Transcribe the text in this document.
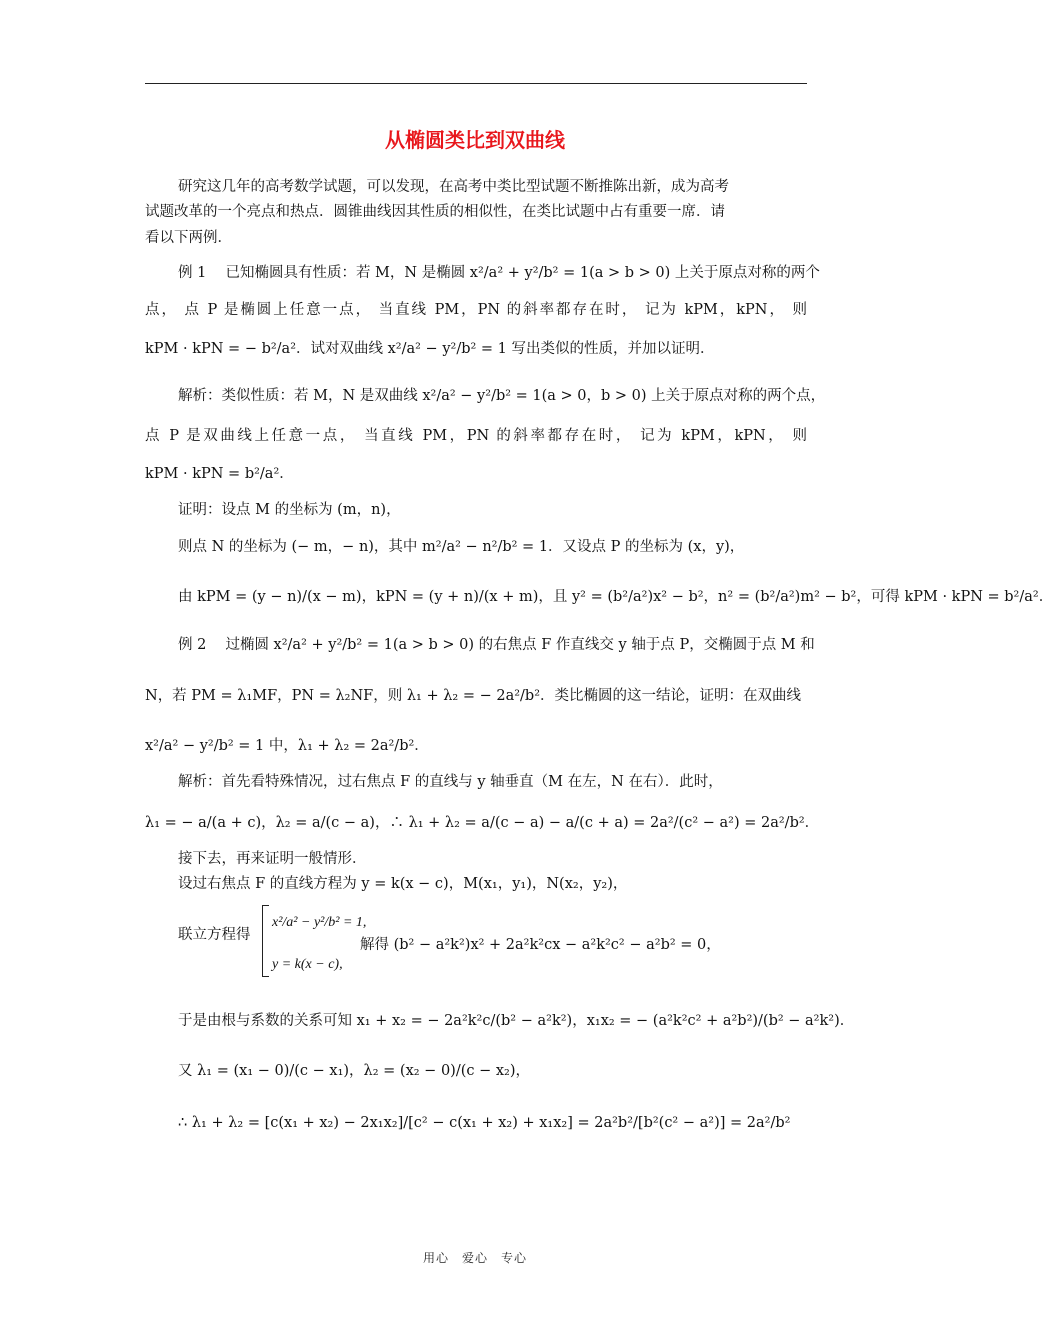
从椭圆类比到双曲线
研究这几年的高考数学试题，可以发现，在高考中类比型试题不断推陈出新，成为高考
试题改革的一个亮点和热点．圆锥曲线因其性质的相似性，在类比试题中占有重要一席．请
看以下两例．
例 1　 已知椭圆具有性质：若 M，N 是椭圆 x²/a² + y²/b² = 1(a > b > 0) 上关于原点对称的两个
点， 点 P 是椭圆上任意一点， 当直线 PM，PN 的斜率都存在时， 记为 kPM，kPN， 则
kPM · kPN = − b²/a²．试对双曲线 x²/a² − y²/b² = 1 写出类似的性质，并加以证明．
解析：类似性质：若 M，N 是双曲线 x²/a² − y²/b² = 1(a > 0，b > 0) 上关于原点对称的两个点，
点 P 是双曲线上任意一点， 当直线 PM，PN 的斜率都存在时， 记为 kPM，kPN， 则
kPM · kPN = b²/a²．
证明：设点 M 的坐标为 (m，n)，
则点 N 的坐标为 (− m，− n)，其中 m²/a² − n²/b² = 1．又设点 P 的坐标为 (x，y)，
由 kPM = (y − n)/(x − m)，kPN = (y + n)/(x + m)，且 y² = (b²/a²)x² − b²，n² = (b²/a²)m² − b²，可得 kPM · kPN = b²/a²．
例 2　 过椭圆 x²/a² + y²/b² = 1(a > b > 0) 的右焦点 F 作直线交 y 轴于点 P，交椭圆于点 M 和
N，若 PM = λ₁MF，PN = λ₂NF，则 λ₁ + λ₂ = − 2a²/b²．类比椭圆的这一结论，证明：在双曲线
x²/a² − y²/b² = 1 中，λ₁ + λ₂ = 2a²/b²．
解析：首先看特殊情况，过右焦点 F 的直线与 y 轴垂直（M 在左，N 在右）．此时，
λ₁ = − a/(a + c)，λ₂ = a/(c − a)，∴ λ₁ + λ₂ = a/(c − a) − a/(c + a) = 2a²/(c² − a²) = 2a²/b²．
接下去，再来证明一般情形．
设过右焦点 F 的直线方程为 y = k(x − c)，M(x₁，y₁)，N(x₂，y₂)，
联立方程得
于是由根与系数的关系可知 x₁ + x₂ = − 2a²k²c/(b² − a²k²)，x₁x₂ = − (a²k²c² + a²b²)/(b² − a²k²)．
又 λ₁ = (x₁ − 0)/(c − x₁)，λ₂ = (x₂ − 0)/(c − x₂)，
∴ λ₁ + λ₂ = [c(x₁ + x₂) − 2x₁x₂]/[c² − c(x₁ + x₂) + x₁x₂] = 2a²b²/[b²(c² − a²)] = 2a²/b²
x²/a² − y²/b² = 1,
y = k(x − c),
解得 (b² − a²k²)x² + 2a²k²cx − a²k²c² − a²b² = 0，
用心　爱心　专心
